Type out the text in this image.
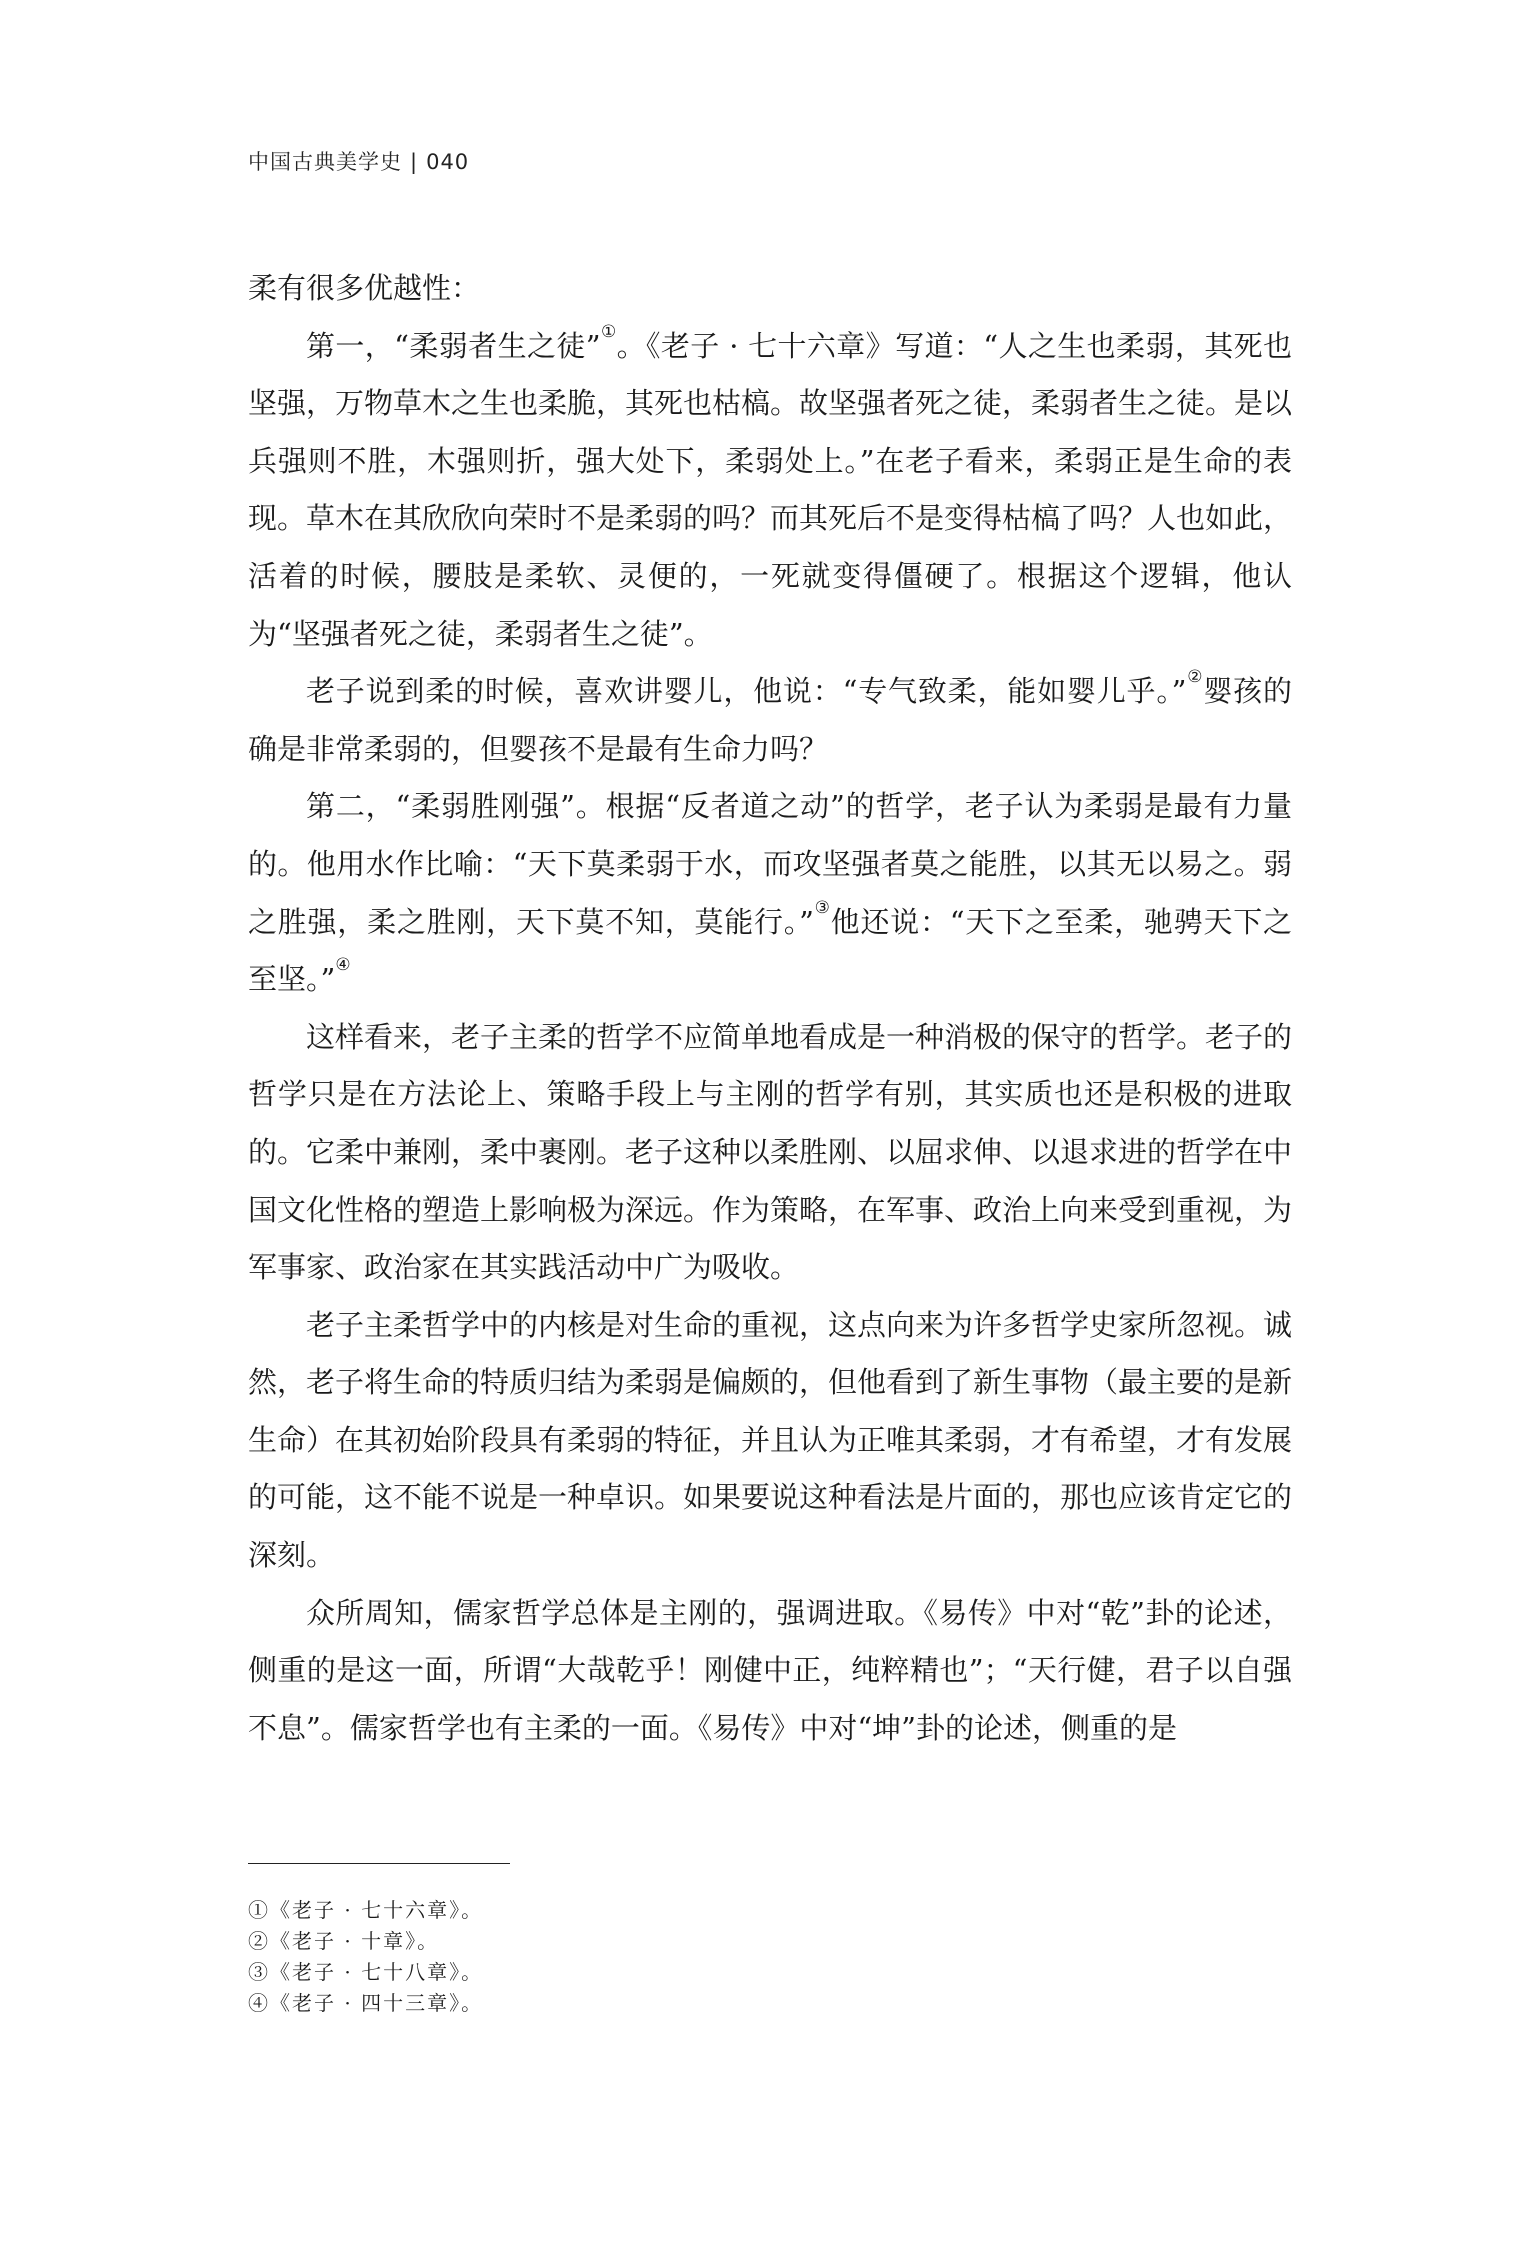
中国古典美学史 | 040

柔有很多优越性：

第一，“柔弱者生之徒”①。《老子 · 七十六章》写道：“人之生也柔弱，其死也坚强，万物草木之生也柔脆，其死也枯槁。故坚强者死之徒，柔弱者生之徒。是以兵强则不胜，木强则折，强大处下，柔弱处上。”在老子看来，柔弱正是生命的表现。草木在其欣欣向荣时不是柔弱的吗？而其死后不是变得枯槁了吗？人也如此，活着的时候，腰肢是柔软、灵便的，一死就变得僵硬了。根据这个逻辑，他认为“坚强者死之徒，柔弱者生之徒”。

老子说到柔的时候，喜欢讲婴儿，他说：“专气致柔，能如婴儿乎。”②婴孩的确是非常柔弱的，但婴孩不是最有生命力吗？

第二，“柔弱胜刚强”。根据“反者道之动”的哲学，老子认为柔弱是最有力量的。他用水作比喻：“天下莫柔弱于水，而攻坚强者莫之能胜，以其无以易之。弱之胜强，柔之胜刚，天下莫不知，莫能行。”③他还说：“天下之至柔，驰骋天下之至坚。”④

这样看来，老子主柔的哲学不应简单地看成是一种消极的保守的哲学。老子的哲学只是在方法论上、策略手段上与主刚的哲学有别，其实质也还是积极的进取的。它柔中兼刚，柔中裹刚。老子这种以柔胜刚、以屈求伸、以退求进的哲学在中国文化性格的塑造上影响极为深远。作为策略，在军事、政治上向来受到重视，为军事家、政治家在其实践活动中广为吸收。

老子主柔哲学中的内核是对生命的重视，这点向来为许多哲学史家所忽视。诚然，老子将生命的特质归结为柔弱是偏颇的，但他看到了新生事物（最主要的是新生命）在其初始阶段具有柔弱的特征，并且认为正唯其柔弱，才有希望，才有发展的可能，这不能不说是一种卓识。如果要说这种看法是片面的，那也应该肯定它的深刻。

众所周知，儒家哲学总体是主刚的，强调进取。《易传》中对“乾”卦的论述，侧重的是这一面，所谓“大哉乾乎！刚健中正，纯粹精也”；“天行健，君子以自强不息”。儒家哲学也有主柔的一面。《易传》中对“坤”卦的论述，侧重的是

①《老子 · 七十六章》。
②《老子 · 十章》。
③《老子 · 七十八章》。
④《老子 · 四十三章》。
